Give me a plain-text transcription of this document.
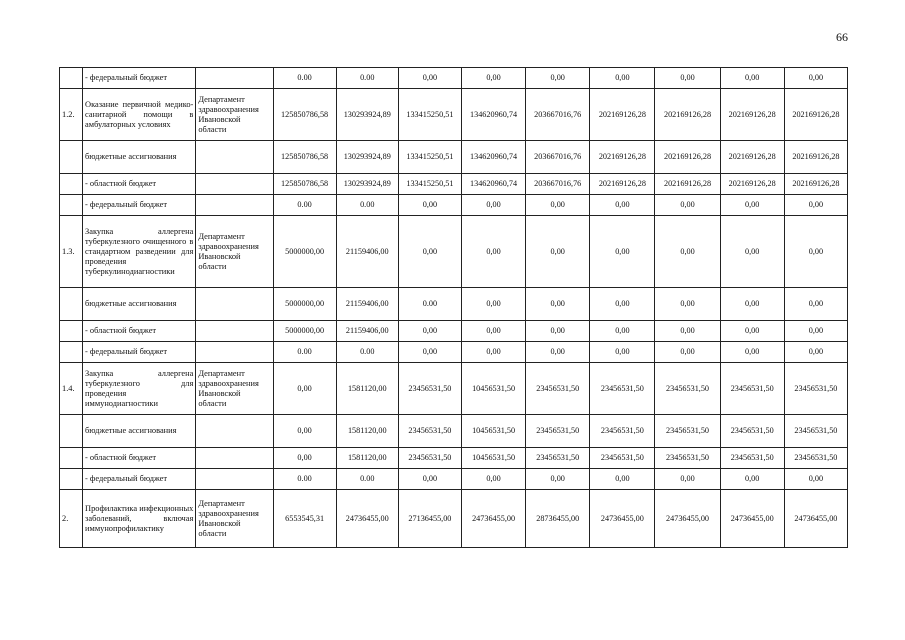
66
	- федеральный бюджет		0.00	0.00	0,00	0,00	0,00	0,00	0,00	0,00	0,00
1.2.	Оказание первичной медико-санитарной помощи в амбулаторных условиях	Департамент здравоохранения Ивановской области	125850786,58	130293924,89	133415250,51	134620960,74	203667016,76	202169126,28	202169126,28	202169126,28	202169126,28
	бюджетные ассигнования		125850786,58	130293924,89	133415250,51	134620960,74	203667016,76	202169126,28	202169126,28	202169126,28	202169126,28
	- областной бюджет		125850786,58	130293924,89	133415250,51	134620960,74	203667016,76	202169126,28	202169126,28	202169126,28	202169126,28
	- федеральный бюджет		0.00	0.00	0,00	0,00	0,00	0,00	0,00	0,00	0,00
1.3.	Закупка аллергена туберкулезного очищенного в стандартном разведении для проведения туберкулинодиагностики	Департамент здравоохранения Ивановской области	5000000,00	21159406,00	0,00	0,00	0,00	0,00	0,00	0,00	0,00
	бюджетные ассигнования		5000000,00	21159406,00	0.00	0,00	0,00	0,00	0,00	0,00	0,00
	- областной бюджет		5000000,00	21159406,00	0,00	0,00	0,00	0,00	0,00	0,00	0,00
	- федеральный бюджет		0.00	0.00	0,00	0,00	0,00	0,00	0,00	0,00	0,00
1.4.	Закупка аллергена туберкулезного для проведения иммунодиагностики	Департамент здравоохранения Ивановской области	0,00	1581120,00	23456531,50	10456531,50	23456531,50	23456531,50	23456531,50	23456531,50	23456531,50
	бюджетные ассигнования		0,00	1581120,00	23456531,50	10456531,50	23456531,50	23456531,50	23456531,50	23456531,50	23456531,50
	- областной бюджет		0,00	1581120,00	23456531,50	10456531,50	23456531,50	23456531,50	23456531,50	23456531,50	23456531,50
	- федеральный бюджет		0.00	0.00	0,00	0,00	0,00	0,00	0,00	0,00	0,00
2.	Профилактика инфекционных заболеваний, включая иммунопрофилактику	Департамент здравоохранения Ивановской области	6553545,31	24736455,00	27136455,00	24736455,00	28736455,00	24736455,00	24736455,00	24736455,00	24736455,00
